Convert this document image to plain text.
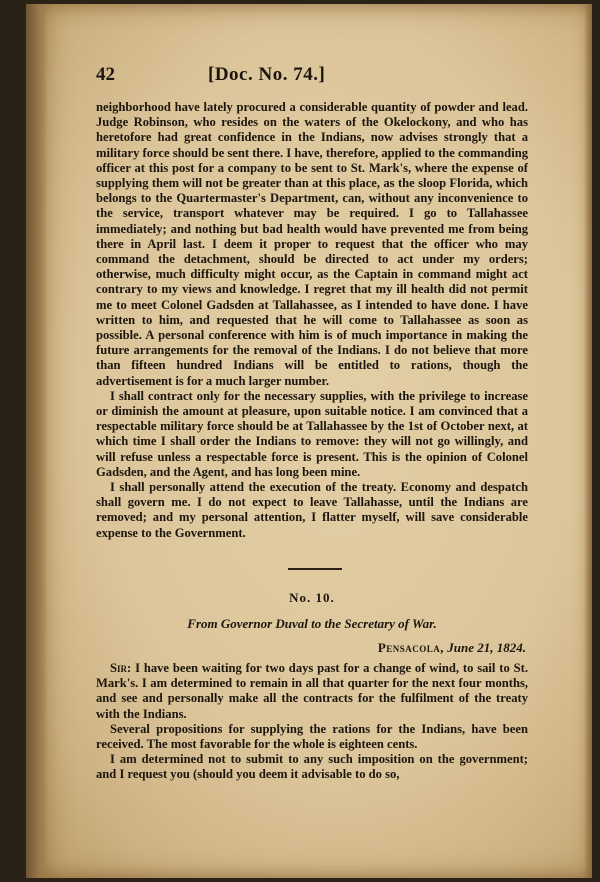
42	[Doc. No. 74.]

neighborhood have lately procured a considerable quantity of powder and lead. Judge Robinson, who resides on the waters of the Okelockony, and who has heretofore had great confidence in the Indians, now advises strongly that a military force should be sent there. I have, therefore, applied to the commanding officer at this post for a company to be sent to St. Mark's, where the expense of supplying them will not be greater than at this place, as the sloop Florida, which belongs to the Quartermaster's Department, can, without any inconvenience to the service, transport whatever may be required. I go to Tallahassee immediately; and nothing but bad health would have prevented me from being there in April last. I deem it proper to request that the officer who may command the detachment, should be directed to act under my orders; otherwise, much difficulty might occur, as the Captain in command might act contrary to my views and knowledge. I regret that my ill health did not permit me to meet Colonel Gadsden at Tallahassee, as I intended to have done. I have written to him, and requested that he will come to Tallahassee as soon as possible. A personal conference with him is of much importance in making the future arrangements for the removal of the Indians. I do not believe that more than fifteen hundred Indians will be entitled to rations, though the advertisement is for a much larger number.

I shall contract only for the necessary supplies, with the privilege to increase or diminish the amount at pleasure, upon suitable notice. I am convinced that a respectable military force should be at Tallahassee by the 1st of October next, at which time I shall order the Indians to remove: they will not go willingly, and will refuse unless a respectable force is present. This is the opinion of Colonel Gadsden, and the Agent, and has long been mine.

I shall personally attend the execution of the treaty. Economy and despatch shall govern me. I do not expect to leave Tallahasse, until the Indians are removed; and my personal attention, I flatter myself, will save considerable expense to the Government.

No. 10.
From Governor Duval to the Secretary of War.
Pensacola, June 21, 1824.

Sir: I have been waiting for two days past for a change of wind, to sail to St. Mark's. I am determined to remain in all that quarter for the next four months, and see and personally make all the contracts for the fulfilment of the treaty with the Indians.

Several propositions for supplying the rations for the Indians, have been received. The most favorable for the whole is eighteen cents.

I am determined not to submit to any such imposition on the government; and I request you (should you deem it advisable to do so,
